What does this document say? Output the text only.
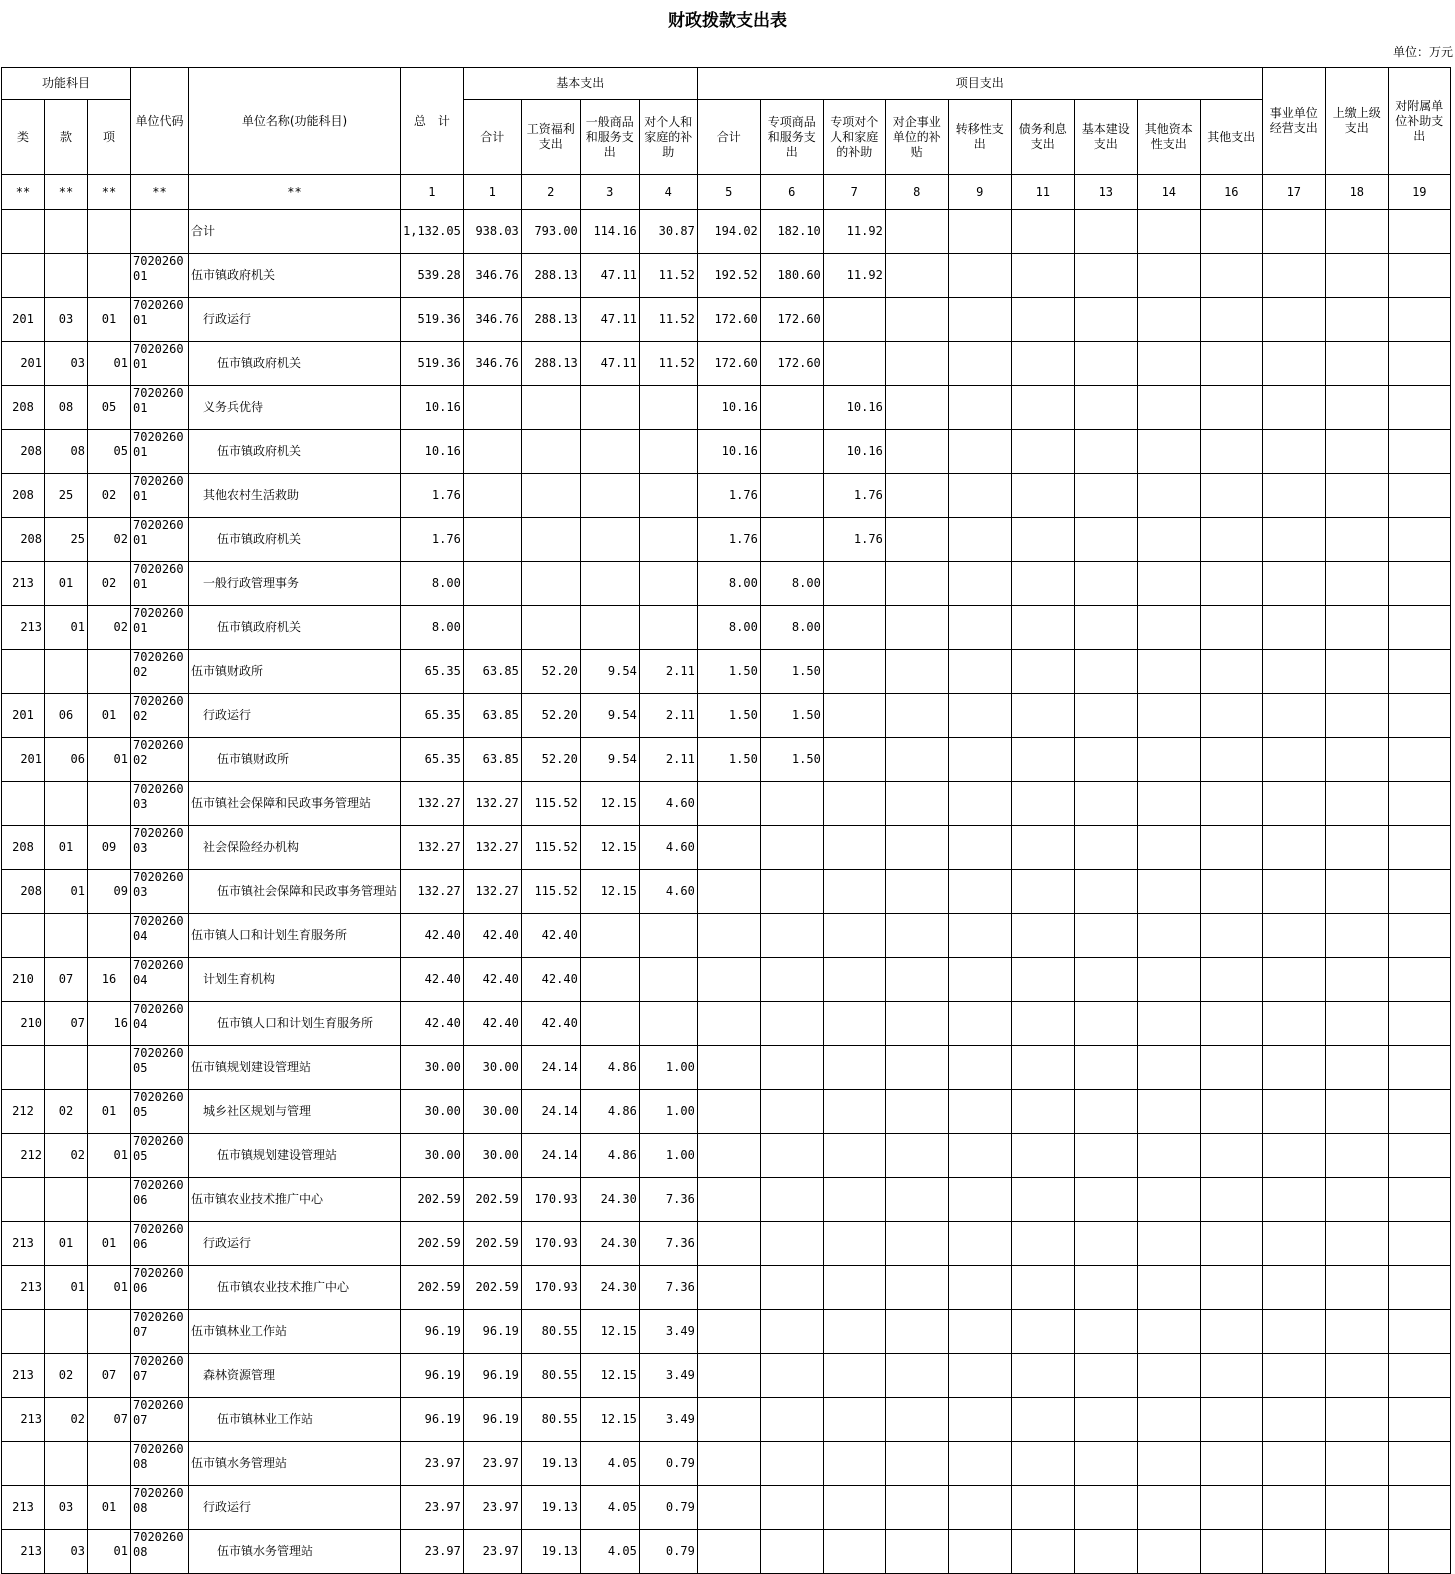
财政拨款支出表
单位：万元
功能科目			单位代码	单位名称(功能科目)	总　计	基本支出				项目支出									事业单位经营支出	上缴上级支出	对附属单位补助支出
类	款	项				合计	工资福利支出	一般商品和服务支出	对个人和家庭的补助	合计	专项商品和服务支出	专项对个人和家庭的补助	对企事业单位的补贴	转移性支出	债务利息支出	基本建设支出	其他资本性支出	其他支出			
**	**	**	**	**	1	1	2	3	4	5	6	7	8	9	11	13	14	16	17	18	19
				合计	1,132.05	938.03	793.00	114.16	30.87	194.02	182.10	11.92									
			702026001	伍市镇政府机关	539.28	346.76	288.13	47.11	11.52	192.52	180.60	11.92									
201	03	01	702026001	行政运行	519.36	346.76	288.13	47.11	11.52	172.60	172.60										
201	03	01	702026001	伍市镇政府机关	519.36	346.76	288.13	47.11	11.52	172.60	172.60										
208	08	05	702026001	义务兵优待	10.16					10.16		10.16									
208	08	05	702026001	伍市镇政府机关	10.16					10.16		10.16									
208	25	02	702026001	其他农村生活救助	1.76					1.76		1.76									
208	25	02	702026001	伍市镇政府机关	1.76					1.76		1.76									
213	01	02	702026001	一般行政管理事务	8.00					8.00	8.00										
213	01	02	702026001	伍市镇政府机关	8.00					8.00	8.00										
			702026002	伍市镇财政所	65.35	63.85	52.20	9.54	2.11	1.50	1.50										
201	06	01	702026002	行政运行	65.35	63.85	52.20	9.54	2.11	1.50	1.50										
201	06	01	702026002	伍市镇财政所	65.35	63.85	52.20	9.54	2.11	1.50	1.50										
			702026003	伍市镇社会保障和民政事务管理站	132.27	132.27	115.52	12.15	4.60												
208	01	09	702026003	社会保险经办机构	132.27	132.27	115.52	12.15	4.60												
208	01	09	702026003	伍市镇社会保障和民政事务管理站	132.27	132.27	115.52	12.15	4.60												
			702026004	伍市镇人口和计划生育服务所	42.40	42.40	42.40														
210	07	16	702026004	计划生育机构	42.40	42.40	42.40														
210	07	16	702026004	伍市镇人口和计划生育服务所	42.40	42.40	42.40														
			702026005	伍市镇规划建设管理站	30.00	30.00	24.14	4.86	1.00												
212	02	01	702026005	城乡社区规划与管理	30.00	30.00	24.14	4.86	1.00												
212	02	01	702026005	伍市镇规划建设管理站	30.00	30.00	24.14	4.86	1.00												
			702026006	伍市镇农业技术推广中心	202.59	202.59	170.93	24.30	7.36												
213	01	01	702026006	行政运行	202.59	202.59	170.93	24.30	7.36												
213	01	01	702026006	伍市镇农业技术推广中心	202.59	202.59	170.93	24.30	7.36												
			702026007	伍市镇林业工作站	96.19	96.19	80.55	12.15	3.49												
213	02	07	702026007	森林资源管理	96.19	96.19	80.55	12.15	3.49												
213	02	07	702026007	伍市镇林业工作站	96.19	96.19	80.55	12.15	3.49												
			702026008	伍市镇水务管理站	23.97	23.97	19.13	4.05	0.79												
213	03	01	702026008	行政运行	23.97	23.97	19.13	4.05	0.79												
213	03	01	702026008	伍市镇水务管理站	23.97	23.97	19.13	4.05	0.79												
